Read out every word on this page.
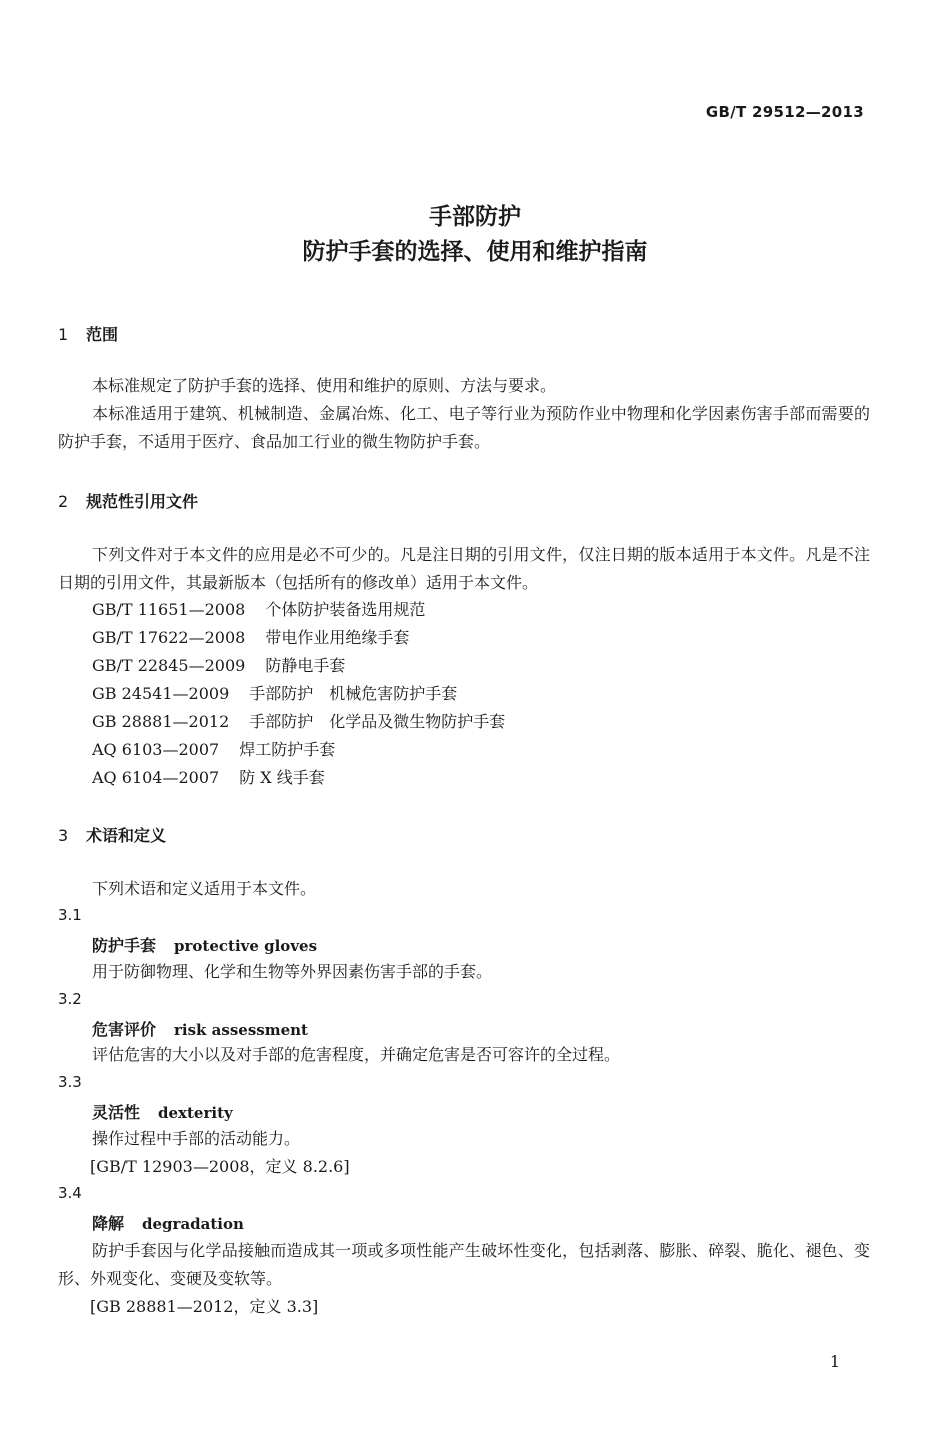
GB/T 29512—2013
手部防护
防护手套的选择、使用和维护指南
1 范围
本标准规定了防护手套的选择、使用和维护的原则、方法与要求。
本标准适用于建筑、机械制造、金属冶炼、化工、电子等行业为预防作业中物理和化学因素伤害手部而需要的防护手套，不适用于医疗、食品加工行业的微生物防护手套。
2 规范性引用文件
下列文件对于本文件的应用是必不可少的。凡是注日期的引用文件，仅注日期的版本适用于本文件。凡是不注日期的引用文件，其最新版本（包括所有的修改单）适用于本文件。
GB/T 11651—2008 个体防护装备选用规范
GB/T 17622—2008 带电作业用绝缘手套
GB/T 22845—2009 防静电手套
GB 24541—2009 手部防护　机械危害防护手套
GB 28881—2012 手部防护　化学品及微生物防护手套
AQ 6103—2007 焊工防护手套
AQ 6104—2007 防 X 线手套
3 术语和定义
下列术语和定义适用于本文件。
3.1
防护手套 protective gloves
用于防御物理、化学和生物等外界因素伤害手部的手套。
3.2
危害评价 risk assessment
评估危害的大小以及对手部的危害程度，并确定危害是否可容许的全过程。
3.3
灵活性 dexterity
操作过程中手部的活动能力。
[GB/T 12903—2008，定义 8.2.6]
3.4
降解 degradation
防护手套因与化学品接触而造成其一项或多项性能产生破坏性变化，包括剥落、膨胀、碎裂、脆化、褪色、变形、外观变化、变硬及变软等。
[GB 28881—2012，定义 3.3]
1
